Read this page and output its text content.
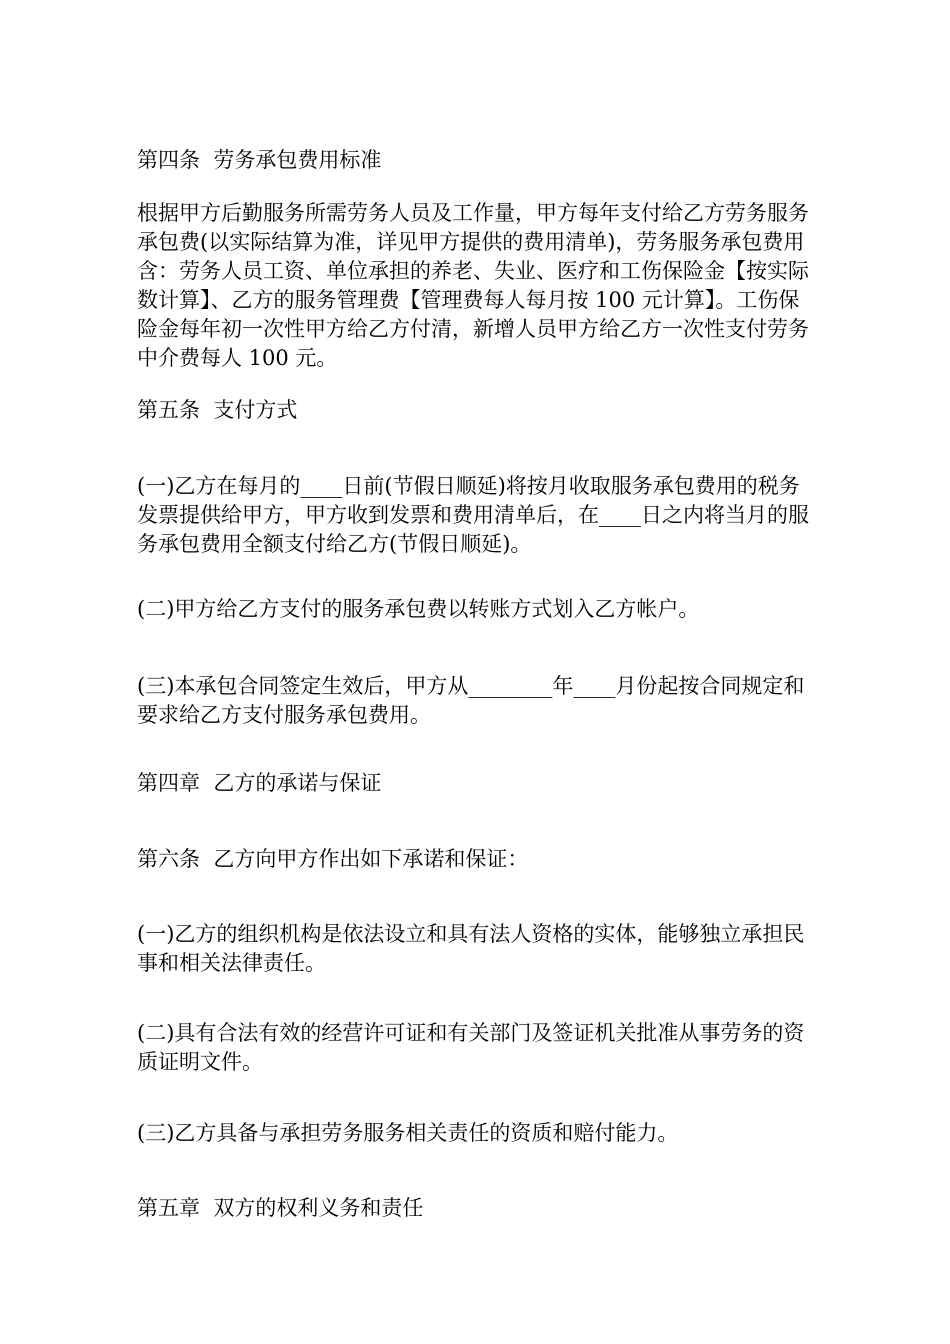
第四条  劳务承包费用标准

根据甲方后勤服务所需劳务人员及工作量，甲方每年支付给乙方劳务服务承包费(以实际结算为准，详见甲方提供的费用清单)，劳务服务承包费用含：劳务人员工资、单位承担的养老、失业、医疗和工伤保险金【按实际数计算】、乙方的服务管理费【管理费每人每月按 100 元计算】。工伤保险金每年初一次性甲方给乙方付清，新增人员甲方给乙方一次性支付劳务中介费每人 100 元。

第五条  支付方式

(一)乙方在每月的____日前(节假日顺延)将按月收取服务承包费用的税务发票提供给甲方，甲方收到发票和费用清单后，在____日之内将当月的服务承包费用全额支付给乙方(节假日顺延)。

(二)甲方给乙方支付的服务承包费以转账方式划入乙方帐户。

(三)本承包合同签定生效后，甲方从________年____月份起按合同规定和要求给乙方支付服务承包费用。

第四章  乙方的承诺与保证

第六条  乙方向甲方作出如下承诺和保证：

(一)乙方的组织机构是依法设立和具有法人资格的实体，能够独立承担民事和相关法律责任。

(二)具有合法有效的经营许可证和有关部门及签证机关批准从事劳务的资质证明文件。

(三)乙方具备与承担劳务服务相关责任的资质和赔付能力。

第五章  双方的权利义务和责任
